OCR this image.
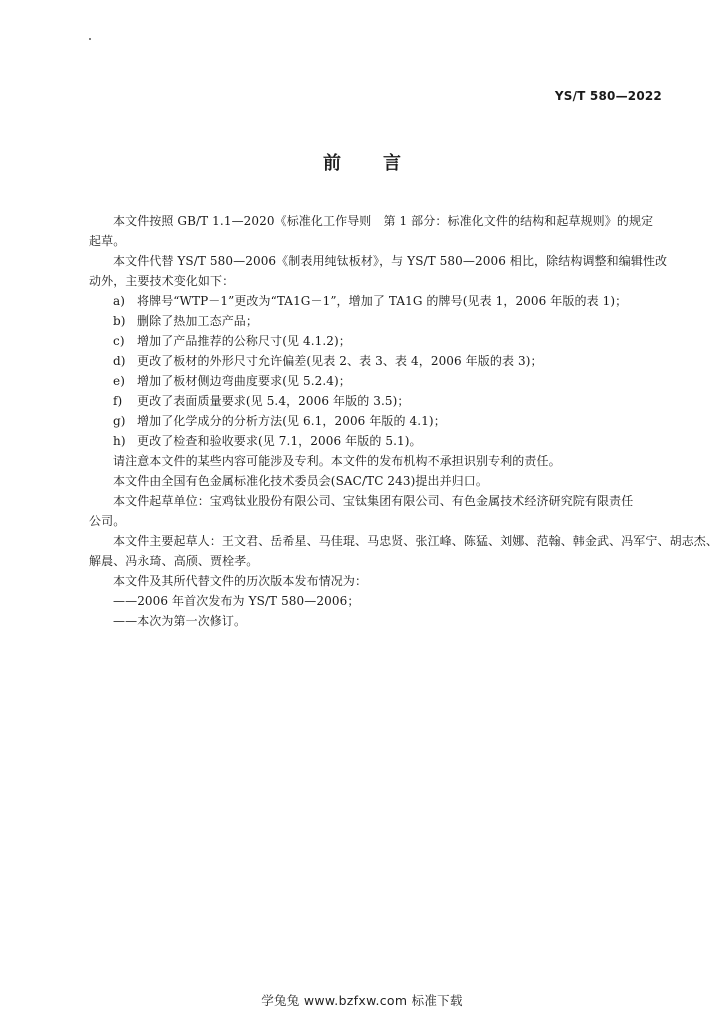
YS/T 580—2022
前 言
本文件按照 GB/T 1.1—2020《标准化工作导则　第 1 部分：标准化文件的结构和起草规则》的规定
起草。
本文件代替 YS/T 580—2006《制表用纯钛板材》，与 YS/T 580—2006 相比，除结构调整和编辑性改
动外，主要技术变化如下：
a) 将牌号“WTP－1”更改为“TA1G－1”，增加了 TA1G 的牌号(见表 1，2006 年版的表 1)；
b) 删除了热加工态产品；
c) 增加了产品推荐的公称尺寸(见 4.1.2)；
d) 更改了板材的外形尺寸允许偏差(见表 2、表 3、表 4，2006 年版的表 3)；
e) 增加了板材侧边弯曲度要求(见 5.2.4)；
f) 更改了表面质量要求(见 5.4，2006 年版的 3.5)；
g) 增加了化学成分的分析方法(见 6.1，2006 年版的 4.1)；
h) 更改了检查和验收要求(见 7.1，2006 年版的 5.1)。
请注意本文件的某些内容可能涉及专利。本文件的发布机构不承担识别专利的责任。
本文件由全国有色金属标准化技术委员会(SAC/TC 243)提出并归口。
本文件起草单位：宝鸡钛业股份有限公司、宝钛集团有限公司、有色金属技术经济研究院有限责任
公司。
本文件主要起草人：王文君、岳希星、马佳琨、马忠贤、张江峰、陈猛、刘娜、范翰、韩金武、冯军宁、胡志杰、
解晨、冯永琦、高颀、贾栓孝。
本文件及其所代替文件的历次版本发布情况为：
——2006 年首次发布为 YS/T 580—2006；
——本次为第一次修订。
学兔兔 www.bzfxw.com 标准下载
